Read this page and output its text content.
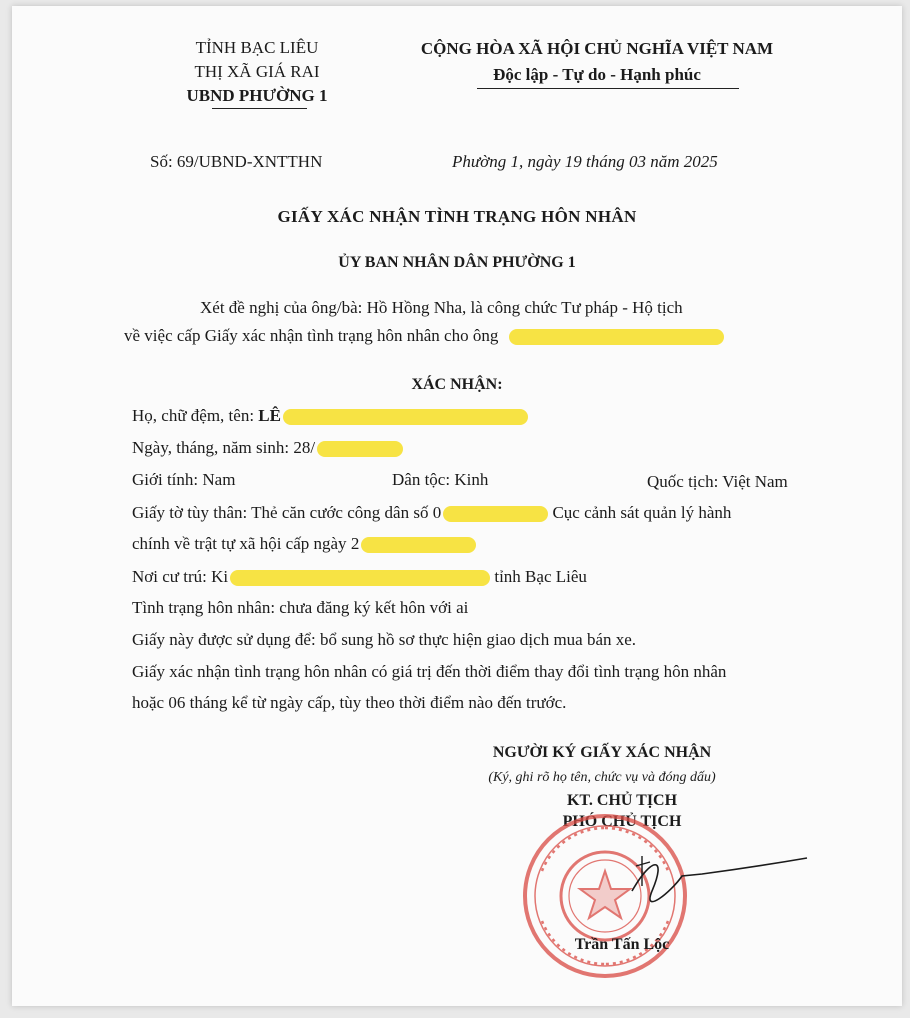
TỈNH BẠC LIÊU
THỊ XÃ GIÁ RAI
UBND PHƯỜNG 1
CỘNG HÒA XÃ HỘI CHỦ NGHĨA VIỆT NAM
Độc lập - Tự do - Hạnh phúc
Số: 69/UBND-XNTTHN	Phường 1, ngày 19 tháng 03 năm 2025
GIẤY XÁC NHẬN TÌNH TRẠNG HÔN NHÂN
ỦY BAN NHÂN DÂN PHƯỜNG 1
Xét đề nghị của ông/bà: Hồ Hồng Nha, là công chức Tư pháp - Hộ tịch
về việc cấp Giấy xác nhận tình trạng hôn nhân cho ông
XÁC NHẬN:
Họ, chữ đệm, tên: LÊ
Ngày, tháng, năm sinh: 28/
Giới tính: Nam	Dân tộc: Kinh	Quốc tịch: Việt Nam
Giấy tờ tùy thân: Thẻ căn cước công dân số 0	Cục cảnh sát quản lý hành
chính về trật tự xã hội cấp ngày 2
Nơi cư trú: Ki	tỉnh Bạc Liêu
Tình trạng hôn nhân: chưa đăng ký kết hôn với ai
Giấy này được sử dụng để: bổ sung hồ sơ thực hiện giao dịch mua bán xe.
Giấy xác nhận tình trạng hôn nhân có giá trị đến thời điểm thay đổi tình trạng hôn nhân
hoặc 06 tháng kể từ ngày cấp, tùy theo thời điểm nào đến trước.
NGƯỜI KÝ GIẤY XÁC NHẬN
(Ký, ghi rõ họ tên, chức vụ và đóng dấu)
KT. CHỦ TỊCH
PHÓ CHỦ TỊCH
Trần Tấn Lộc
